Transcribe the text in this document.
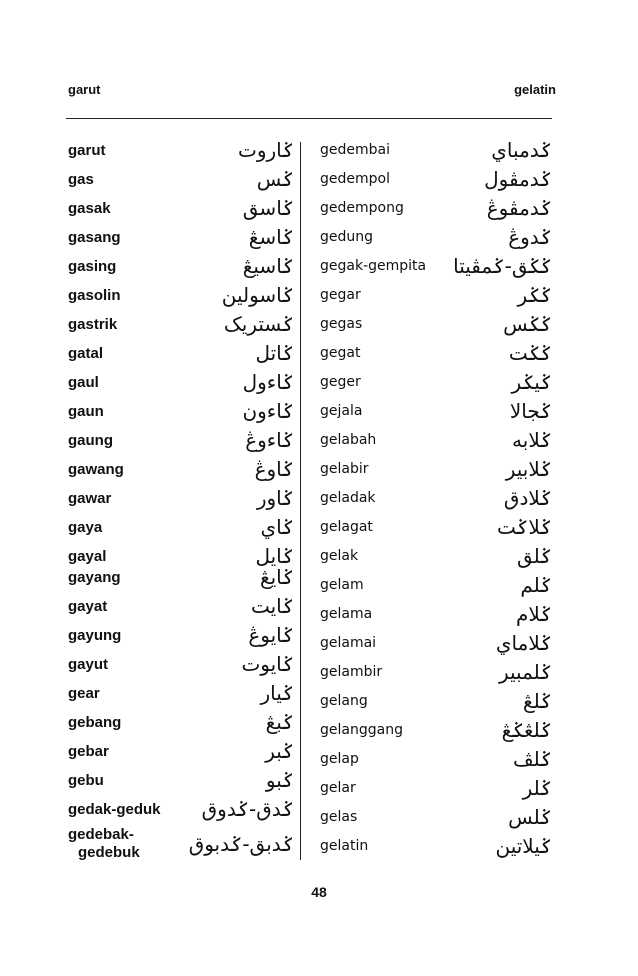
garut	gelatin
garut	ݢاروت
gas	ݢس
gasak	ݢاسق
gasang	ݢاسڠ
gasing	ݢاسيڠ
gasolin	ݢاسولين
gastrik	ݢستريک
gatal	ݢاتل
gaul	ݢاءول
gaun	ݢاءون
gaung	ݢاءوڠ
gawang	ݢاوڠ
gawar	ݢاور
gaya	ݢاي
gayal	ݢايل
gayang	ݢايڠ
gayat	ݢايت
gayung	ݢايوڠ
gayut	ݢايوت
gear	ݢيار
gebang	ݢبڠ
gebar	ݢبر
gebu	ݢبو
gedak-geduk ݢدق-ݢدوق
gedebak-
gedebuk ݢدبق-ݢدبوق
gedembai	ݢدمباي
gedempol	ݢدمڤول
gedempong	ݢدمڤوڠ
gedung	ݢدوڠ
gegak-gempita ݢݢق-ݢمڤيتا
gegar	ݢݢر
gegas	ݢݢس
gegat	ݢݢت
geger	ݢيݢر
gejala	ݢجالا
gelabah	ݢلابه
gelabir	ݢلابير
geladak	ݢلادق
gelagat	ݢلاݢت
gelak	ݢلق
gelam	ݢلم
gelama	ݢلام
gelamai	ݢلاماي
gelambir	ݢلمبير
gelang	ݢلڠ
gelanggang	ݢلڠݢڠ
gelap	ݢلڤ
gelar	ݢلر
gelas	ݢلس
gelatin	ݢيلاتين
48
